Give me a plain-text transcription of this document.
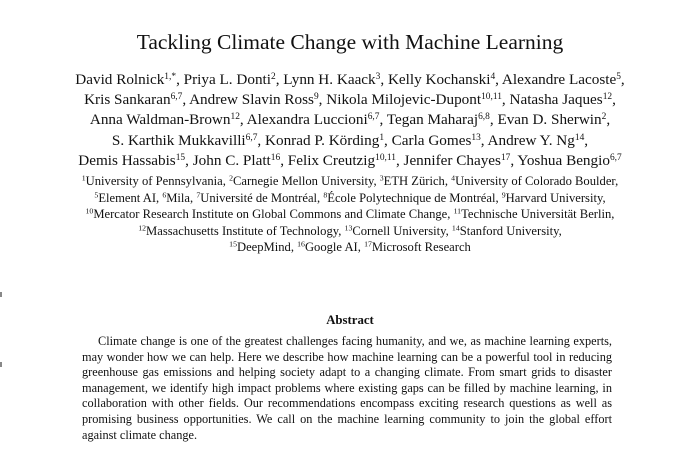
Tackling Climate Change with Machine Learning
David Rolnick$^{1,*}$, Priya L. Donti$^2$, Lynn H. Kaack$^3$, Kelly Kochanski$^4$, Alexandre Lacoste$^5$,
Kris Sankaran$^{6,7}$, Andrew Slavin Ross$^9$, Nikola Milojevic-Dupont$^{10,11}$, Natasha Jaques$^{12}$,
Anna Waldman-Brown$^{12}$, Alexandra Luccioni$^{6,7}$, Tegan Maharaj$^{6,8}$, Evan D. Sherwin$^2$,
S. Karthik Mukkavilli$^{6,7}$, Konrad P. Körding$^1$, Carla Gomes$^{13}$, Andrew Y. Ng$^{14}$,
Demis Hassabis$^{15}$, John C. Platt$^{16}$, Felix Creutzig$^{10,11}$, Jennifer Chayes$^{17}$, Yoshua Bengio$^{6,7}$
$^1$University of Pennsylvania, $^2$Carnegie Mellon University, $^3$ETH Zürich, $^4$University of Colorado Boulder,
$^5$Element AI, $^6$Mila, $^7$Université de Montréal, $^8$École Polytechnique de Montréal, $^9$Harvard University,
$^{10}$Mercator Research Institute on Global Commons and Climate Change, $^{11}$Technische Universität Berlin,
$^{12}$Massachusetts Institute of Technology, $^{13}$Cornell University, $^{14}$Stanford University,
$^{15}$DeepMind, $^{16}$Google AI, $^{17}$Microsoft Research
Abstract
Climate change is one of the greatest challenges facing humanity, and we, as machine learning experts, may wonder how we can help. Here we describe how machine learning can be a powerful tool in reducing greenhouse gas emissions and helping society adapt to a changing climate. From smart grids to disaster management, we identify high impact problems where existing gaps can be filled by machine learning, in collaboration with other fields. Our recommendations encompass exciting research questions as well as promising business opportunities. We call on the machine learning community to join the global effort against climate change.
